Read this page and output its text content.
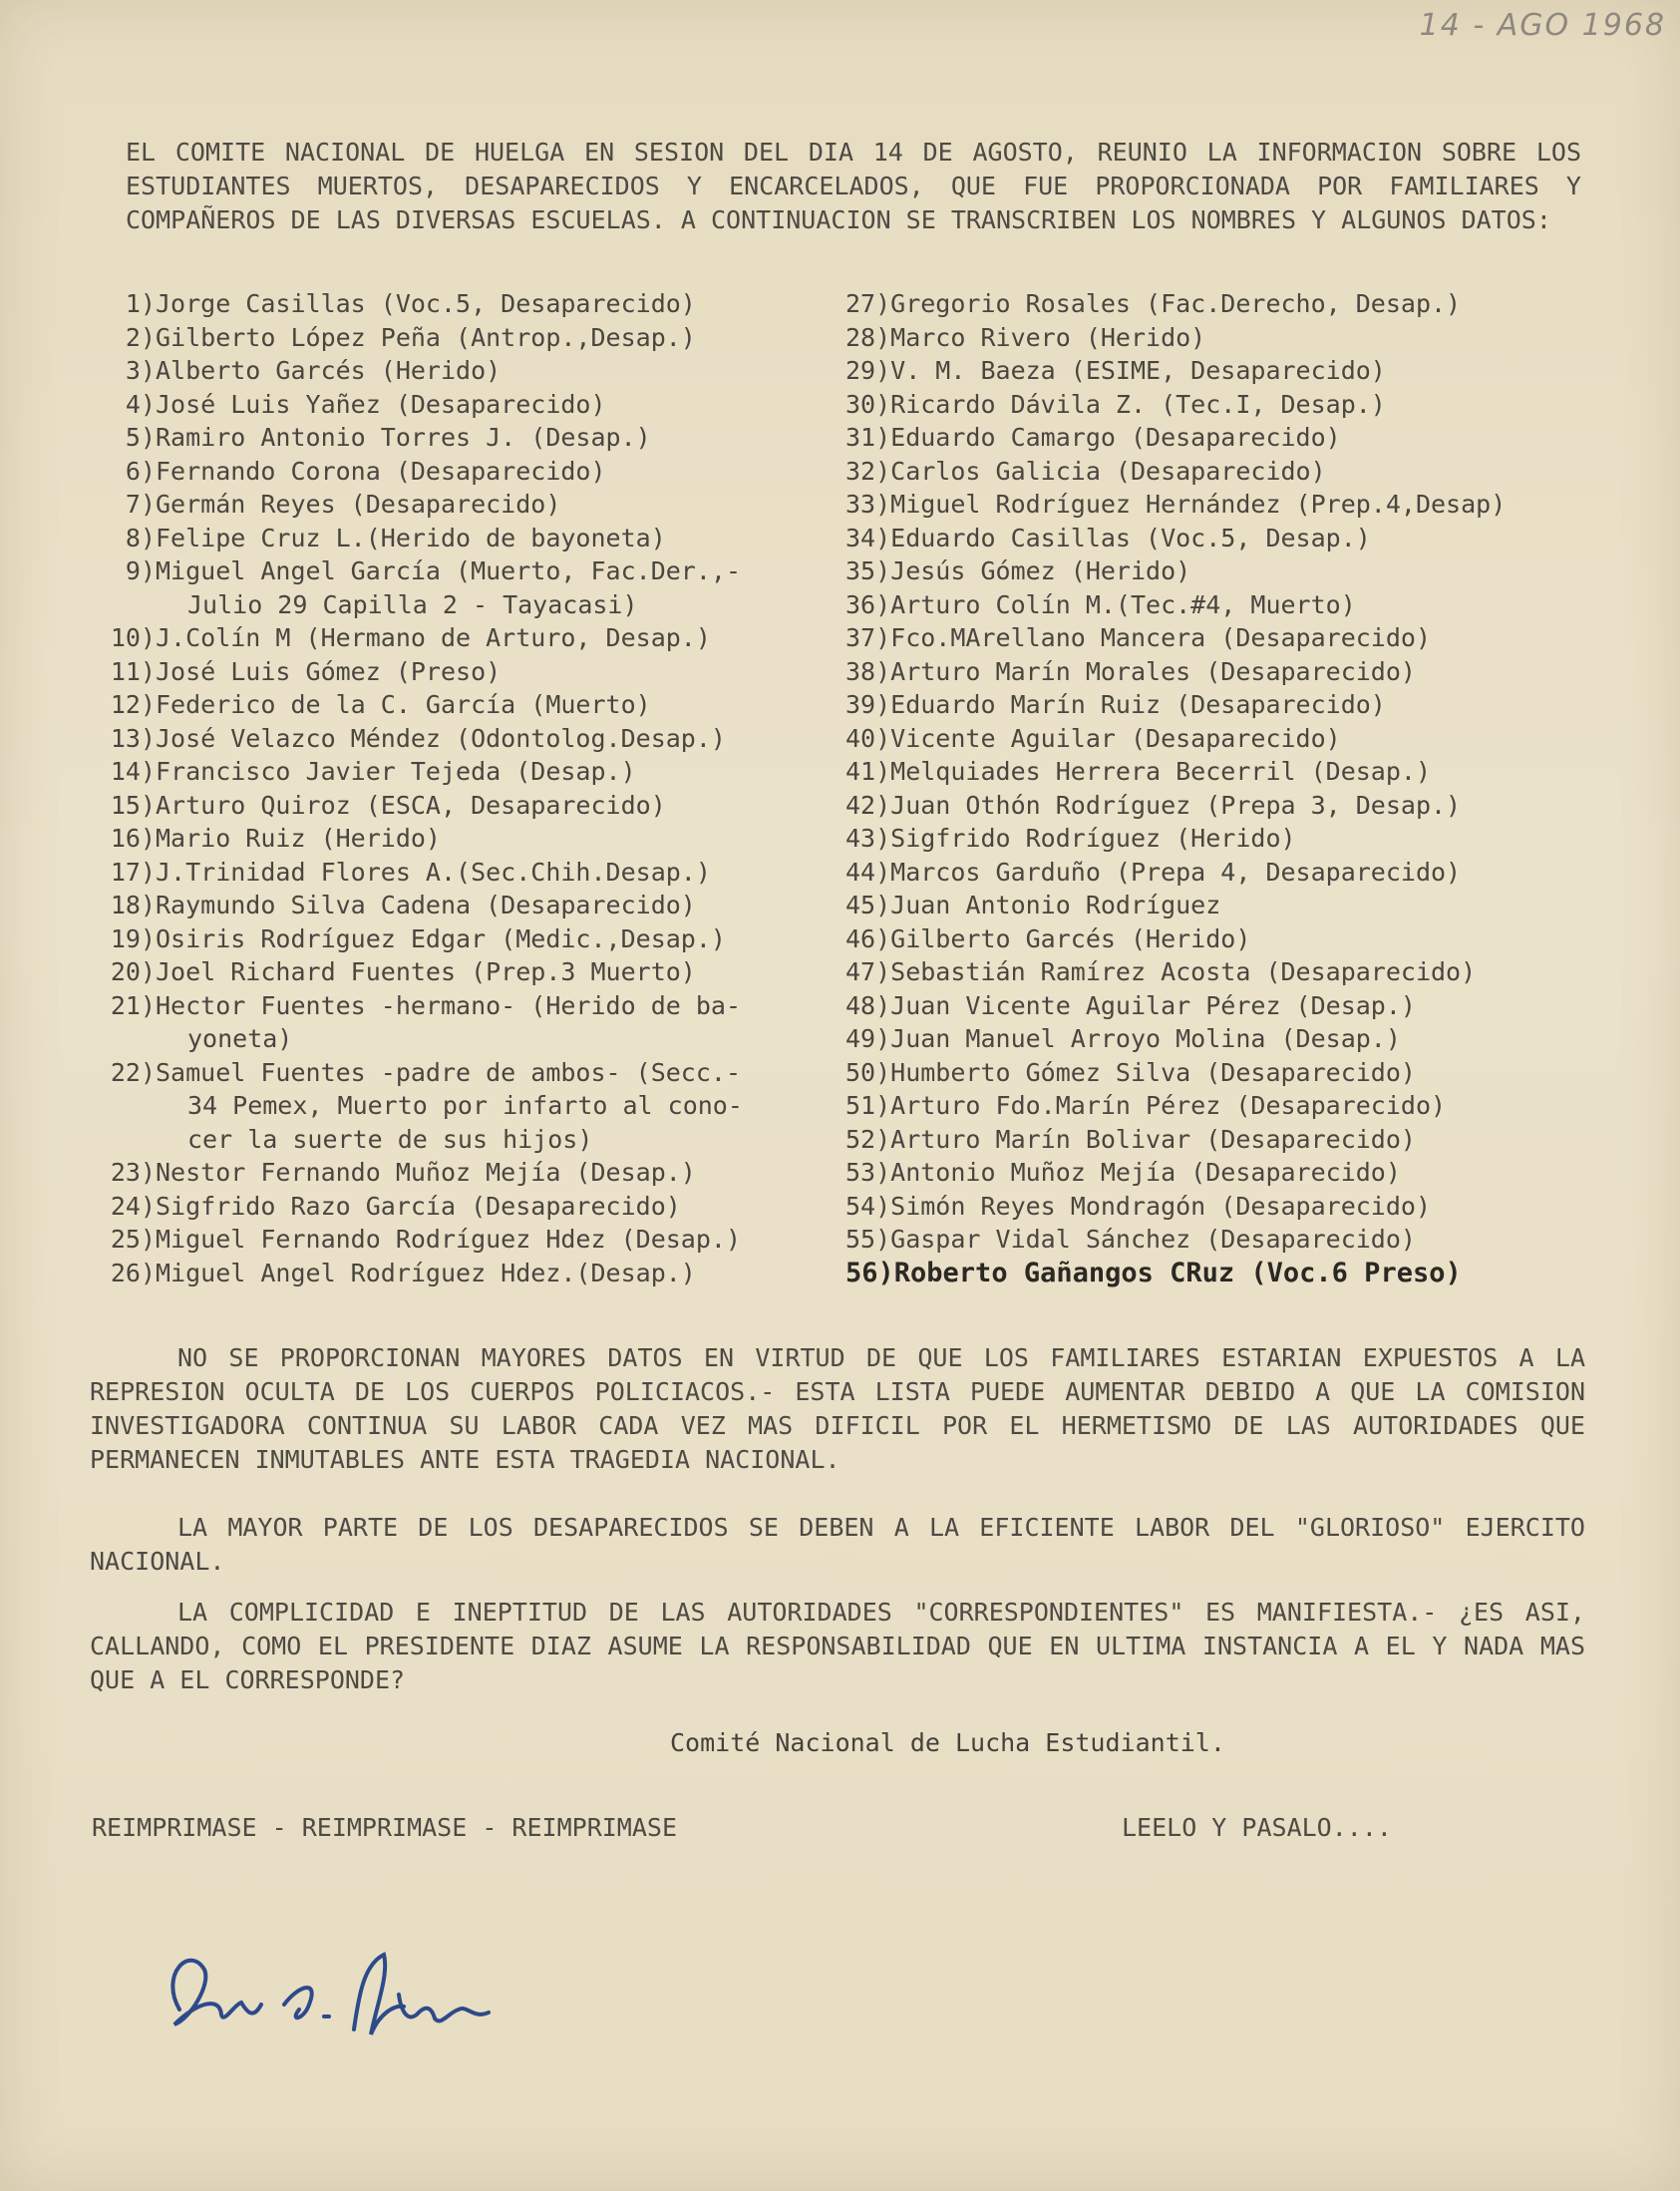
14 - AGO 1968

EL COMITE NACIONAL DE HUELGA EN SESION DEL DIA 14 DE AGOSTO, REUNIO LA INFORMACION SOBRE LOS ESTUDIANTES MUERTOS, DESAPARECIDOS Y ENCARCELADOS, QUE FUE PROPORCIONADA POR FAMILIARES Y COMPAÑEROS DE LAS DIVERSAS ESCUELAS. A CONTINUACION SE TRANSCRIBEN LOS NOMBRES Y ALGUNOS DATOS:

1) Jorge Casillas (Voc.5, Desaparecido)
2) Gilberto López Peña (Antrop.,Desap.)
3) Alberto Garcés (Herido)
4) José Luis Yañez (Desaparecido)
5) Ramiro Antonio Torres J. (Desap.)
6) Fernando Corona (Desaparecido)
7) Germán Reyes (Desaparecido)
8) Felipe Cruz L.(Herido de bayoneta)
9) Miguel Angel García (Muerto, Fac.Der.,-
Julio 29 Capilla 2 - Tayacasi)
10) J.Colín M (Hermano de Arturo, Desap.)
11) José Luis Gómez (Preso)
12) Federico de la C. García (Muerto)
13) José Velazco Méndez (Odontolog.Desap.)
14) Francisco Javier Tejeda (Desap.)
15) Arturo Quiroz (ESCA, Desaparecido)
16) Mario Ruiz (Herido)
17) J.Trinidad Flores A.(Sec.Chih.Desap.)
18) Raymundo Silva Cadena (Desaparecido)
19) Osiris Rodríguez Edgar (Medic.,Desap.)
20) Joel Richard Fuentes (Prep.3 Muerto)
21) Hector Fuentes -hermano- (Herido de ba-
yoneta)
22) Samuel Fuentes -padre de ambos- (Secc.-
34 Pemex, Muerto por infarto al cono-
cer la suerte de sus hijos)
23) Nestor Fernando Muñoz Mejía (Desap.)
24) Sigfrido Razo García (Desaparecido)
25) Miguel Fernando Rodríguez Hdez (Desap.)
26) Miguel Angel Rodríguez Hdez.(Desap.)
27) Gregorio Rosales (Fac.Derecho, Desap.)
28) Marco Rivero (Herido)
29) V. M. Baeza (ESIME, Desaparecido)
30) Ricardo Dávila Z. (Tec.I, Desap.)
31) Eduardo Camargo (Desaparecido)
32) Carlos Galicia (Desaparecido)
33) Miguel Rodríguez Hernández (Prep.4,Desap)
34) Eduardo Casillas (Voc.5, Desap.)
35) Jesús Gómez (Herido)
36) Arturo Colín M.(Tec.#4, Muerto)
37) Fco.MArellano Mancera (Desaparecido)
38) Arturo Marín Morales (Desaparecido)
39) Eduardo Marín Ruiz (Desaparecido)
40) Vicente Aguilar (Desaparecido)
41) Melquiades Herrera Becerril (Desap.)
42) Juan Othón Rodríguez (Prepa 3, Desap.)
43) Sigfrido Rodríguez (Herido)
44) Marcos Garduño (Prepa 4, Desaparecido)
45) Juan Antonio Rodríguez
46) Gilberto Garcés (Herido)
47) Sebastián Ramírez Acosta (Desaparecido)
48) Juan Vicente Aguilar Pérez (Desap.)
49) Juan Manuel Arroyo Molina (Desap.)
50) Humberto Gómez Silva (Desaparecido)
51) Arturo Fdo.Marín Pérez (Desaparecido)
52) Arturo Marín Bolivar (Desaparecido)
53) Antonio Muñoz Mejía (Desaparecido)
54) Simón Reyes Mondragón (Desaparecido)
55) Gaspar Vidal Sánchez (Desaparecido)
56) Roberto Gañangos CRuz (Voc.6 Preso)

NO SE PROPORCIONAN MAYORES DATOS EN VIRTUD DE QUE LOS FAMILIARES ESTARIAN EXPUESTOS A LA REPRESION OCULTA DE LOS CUERPOS POLICIACOS.- ESTA LISTA PUEDE AUMENTAR DEBIDO A QUE LA COMISION INVESTIGADORA CONTINUA SU LABOR CADA VEZ MAS DIFICIL POR EL HERMETISMO DE LAS AUTORIDADES QUE PERMANECEN INMUTABLES ANTE ESTA TRAGEDIA NACIONAL.

LA MAYOR PARTE DE LOS DESAPARECIDOS SE DEBEN A LA EFICIENTE LABOR DEL "GLORIOSO" EJERCITO NACIONAL.

LA COMPLICIDAD E INEPTITUD DE LAS AUTORIDADES "CORRESPONDIENTES" ES MANIFIESTA.- ¿ES ASI, CALLANDO, COMO EL PRESIDENTE DIAZ ASUME LA RESPONSABILIDAD QUE EN ULTIMA INSTANCIA A EL Y NADA MAS QUE A EL CORRESPONDE?

Comité Nacional de Lucha Estudiantil.

REIMPRIMASE - REIMPRIMASE - REIMPRIMASE	LEELO Y PASALO....
